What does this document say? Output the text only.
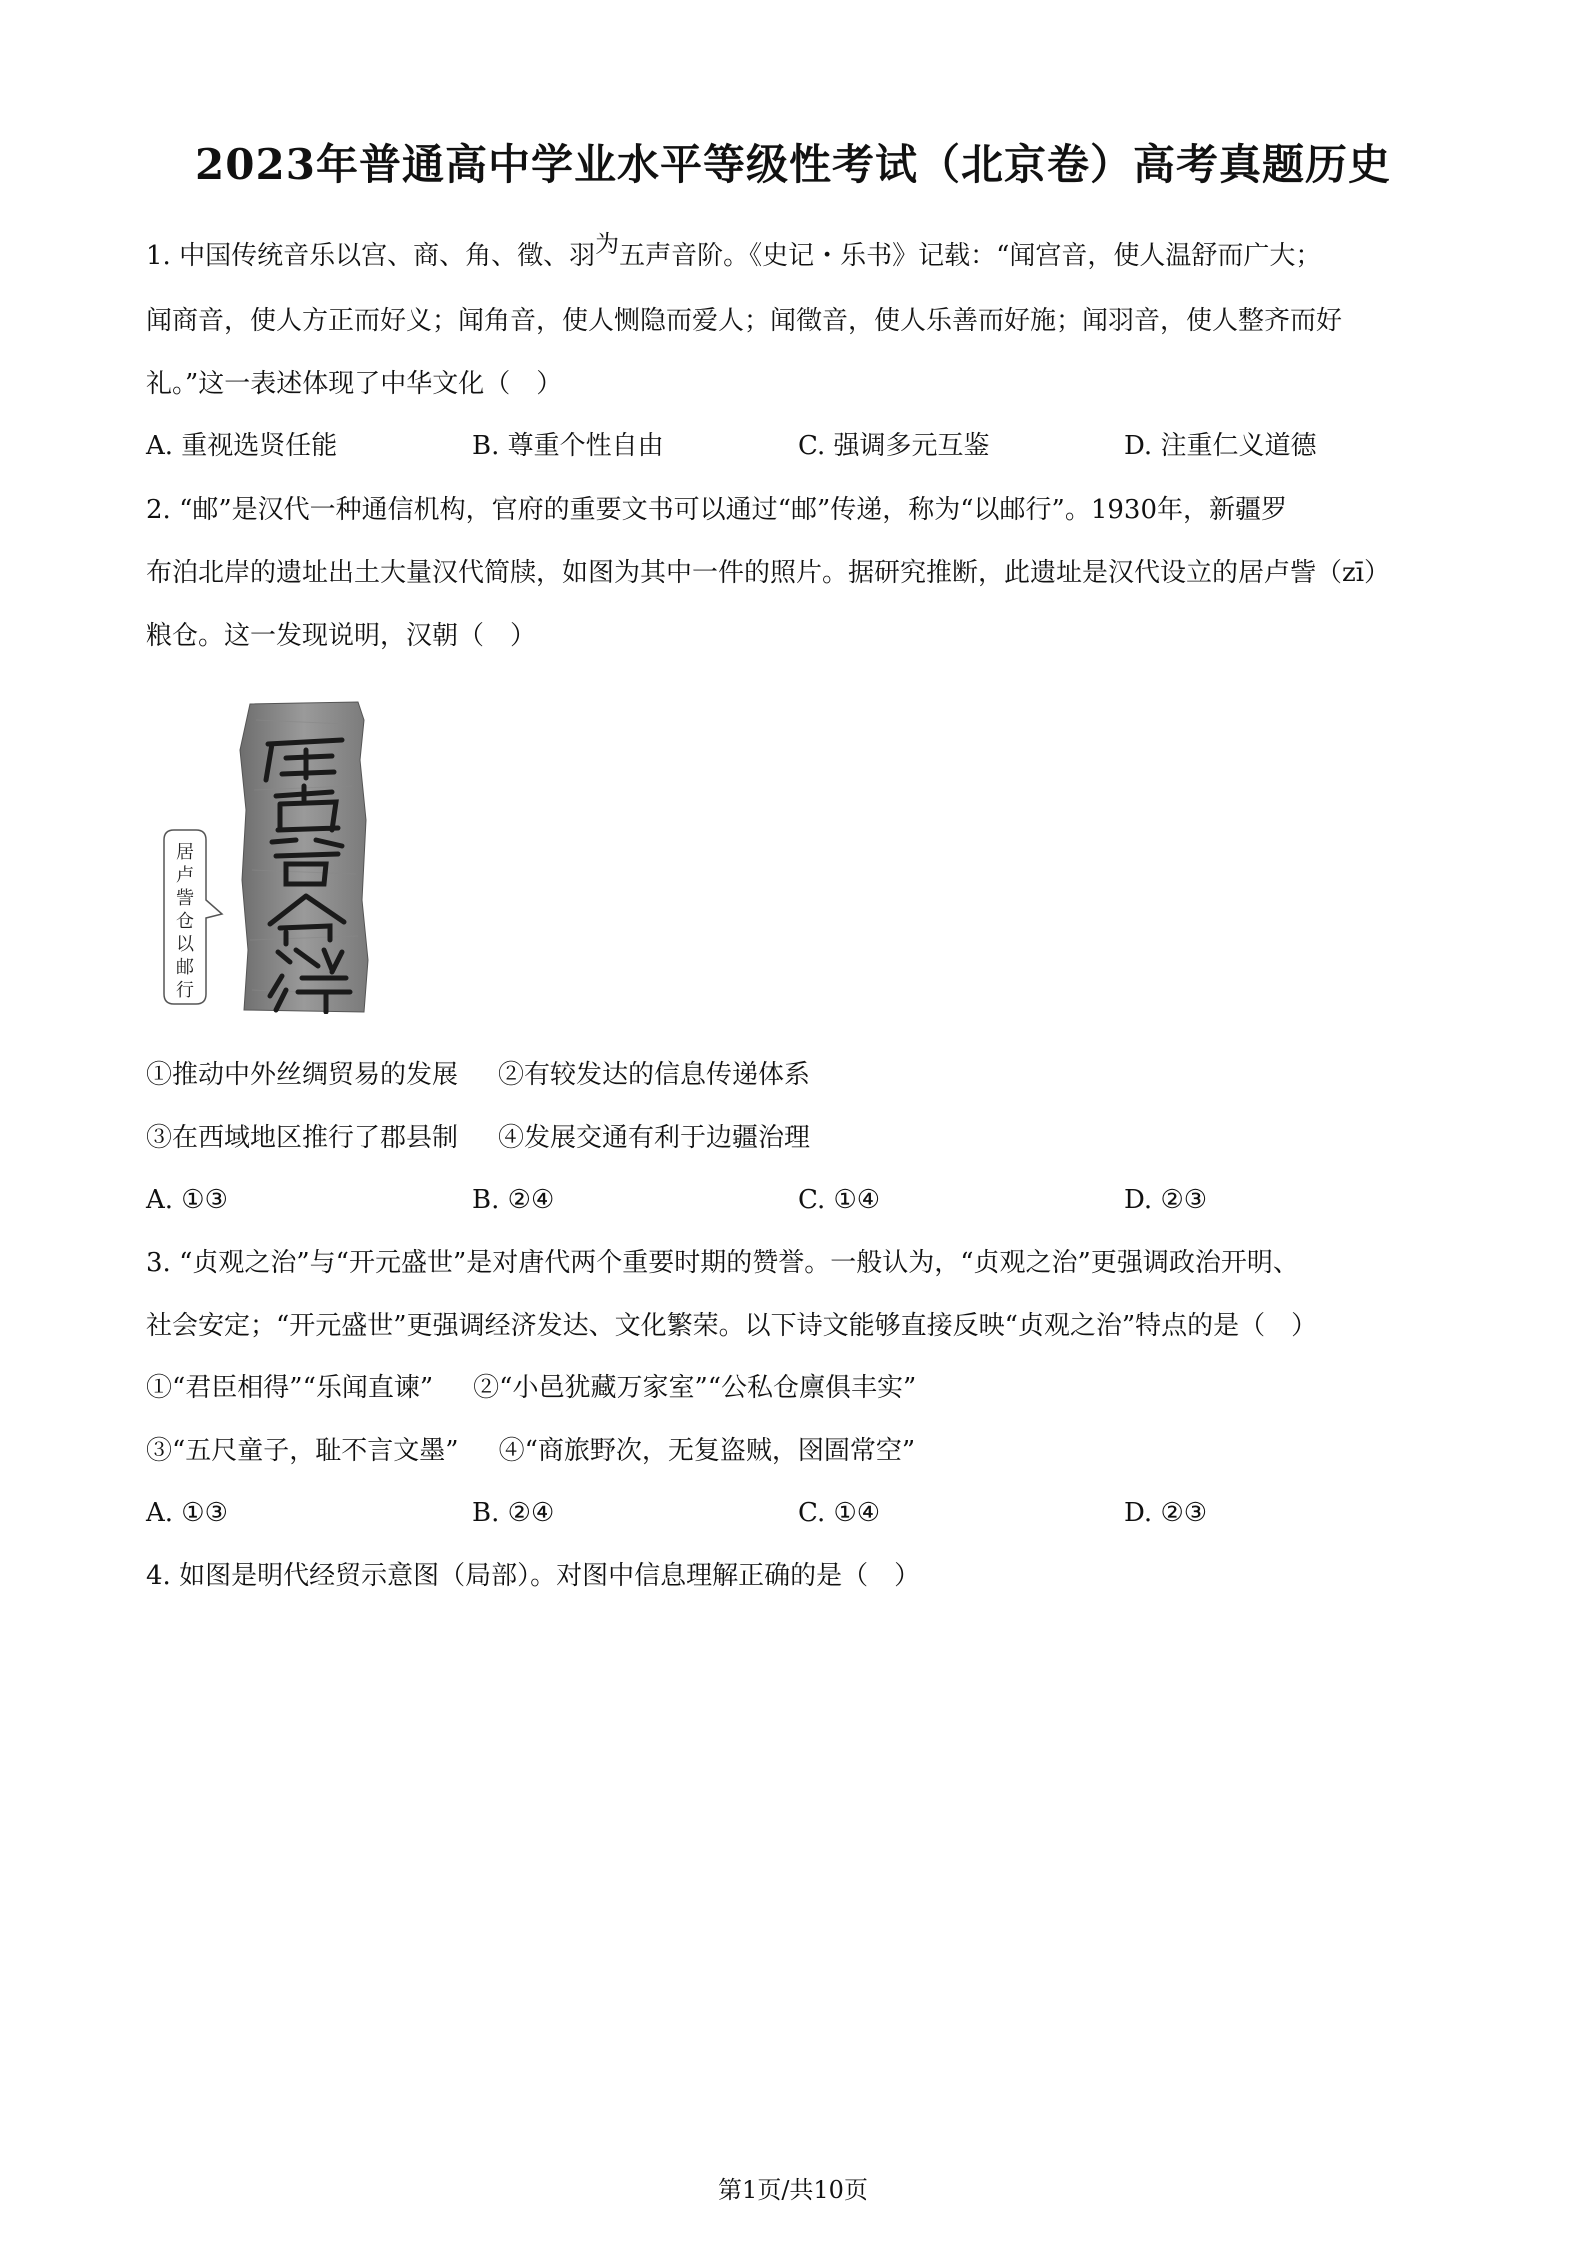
2023年普通高中学业水平等级性考试（北京卷）高考真题历史
1. 中国传统音乐以宫、商、角、徵、羽为五声音阶。《史记・乐书》记载：“闻宫音，使人温舒而广大；
闻商音，使人方正而好义；闻角音，使人恻隐而爱人；闻徵音，使人乐善而好施；闻羽音，使人整齐而好
礼。”这一表述体现了中华文化（　）
A. 重视选贤任能	B. 尊重个性自由	C. 强调多元互鉴	D. 注重仁义道德
2. “邮”是汉代一种通信机构，官府的重要文书可以通过“邮”传递，称为“以邮行”。1930年，新疆罗
布泊北岸的遗址出土大量汉代简牍，如图为其中一件的照片。据研究推断，此遗址是汉代设立的居卢訾（zī）
粮仓。这一发现说明，汉朝（　）
居
卢
訾
仓
以
邮
行
①推动中外丝绸贸易的发展 ②有较发达的信息传递体系
③在西域地区推行了郡县制 ④发展交通有利于边疆治理
A. ①③	B. ②④	C. ①④	D. ②③
3. “贞观之治”与“开元盛世”是对唐代两个重要时期的赞誉。一般认为，“贞观之治”更强调政治开明、
社会安定；“开元盛世”更强调经济发达、文化繁荣。以下诗文能够直接反映“贞观之治”特点的是（　）
①“君臣相得”“乐闻直谏” ②“小邑犹藏万家室”“公私仓廪俱丰实”
③“五尺童子，耻不言文墨” ④“商旅野次，无复盗贼，囹圄常空”
A. ①③	B. ②④	C. ①④	D. ②③
4. 如图是明代经贸示意图（局部）。对图中信息理解正确的是（　）
第1页/共10页
